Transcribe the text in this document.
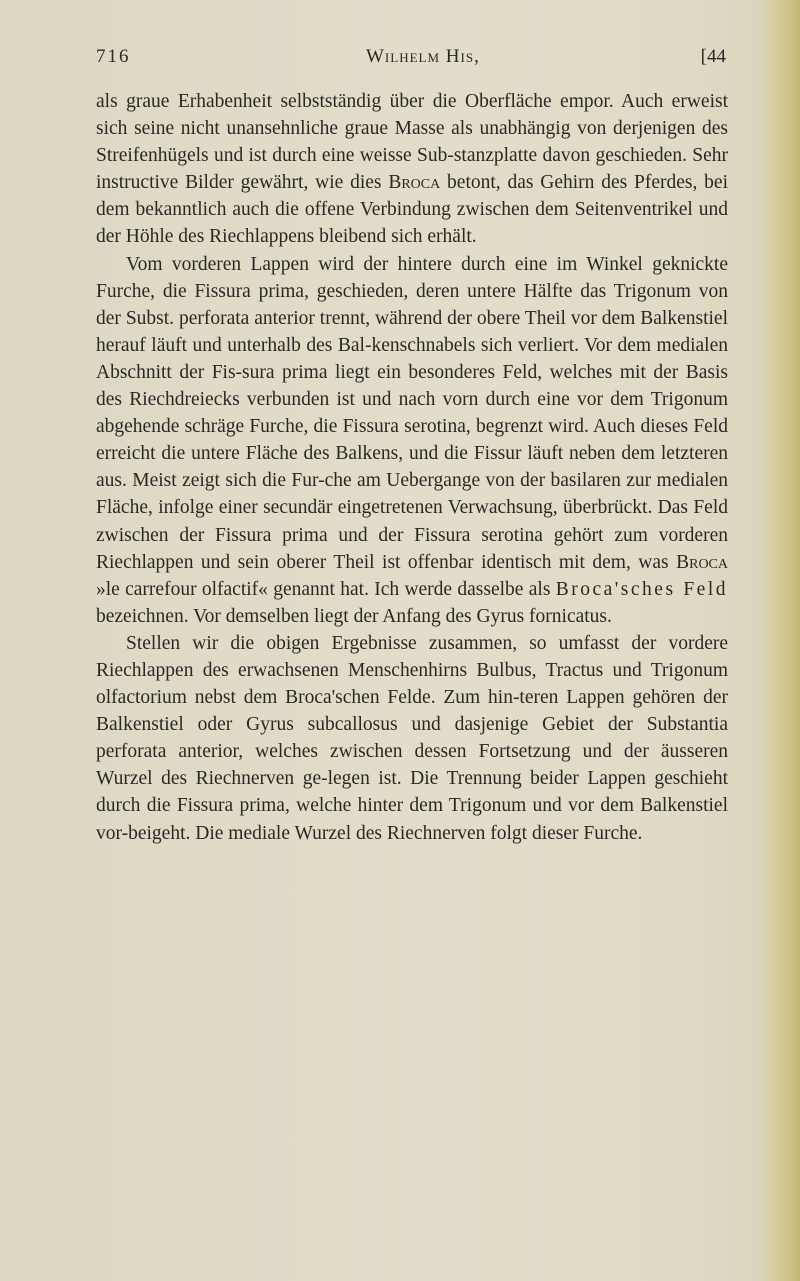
716	Wilhelm His,	[44

als graue Erhabenheit selbstständig über die Oberfläche empor. Auch erweist sich seine nicht unansehnliche graue Masse als unabhängig von derjenigen des Streifenhügels und ist durch eine weisse Sub-stanzplatte davon geschieden. Sehr instructive Bilder gewährt, wie dies Broca betont, das Gehirn des Pferdes, bei dem bekanntlich auch die offene Verbindung zwischen dem Seitenventrikel und der Höhle des Riechlappens bleibend sich erhält.

Vom vorderen Lappen wird der hintere durch eine im Winkel geknickte Furche, die Fissura prima, geschieden, deren untere Hälfte das Trigonum von der Subst. perforata anterior trennt, während der obere Theil vor dem Balkenstiel herauf läuft und unterhalb des Bal-kenschnabels sich verliert. Vor dem medialen Abschnitt der Fis-sura prima liegt ein besonderes Feld, welches mit der Basis des Riechdreiecks verbunden ist und nach vorn durch eine vor dem Trigonum abgehende schräge Furche, die Fissura serotina, begrenzt wird. Auch dieses Feld erreicht die untere Fläche des Balkens, und die Fissur läuft neben dem letzteren aus. Meist zeigt sich die Fur-che am Uebergange von der basilaren zur medialen Fläche, infolge einer secundär eingetretenen Verwachsung, überbrückt. Das Feld zwischen der Fissura prima und der Fissura serotina gehört zum vorderen Riechlappen und sein oberer Theil ist offenbar identisch mit dem, was Broca »le carrefour olfactif« genannt hat. Ich werde dasselbe als Broca'sches Feld bezeichnen. Vor demselben liegt der Anfang des Gyrus fornicatus.

Stellen wir die obigen Ergebnisse zusammen, so umfasst der vordere Riechlappen des erwachsenen Menschenhirns Bulbus, Tractus und Trigonum olfactorium nebst dem Broca'schen Felde. Zum hin-teren Lappen gehören der Balkenstiel oder Gyrus subcallosus und dasjenige Gebiet der Substantia perforata anterior, welches zwischen dessen Fortsetzung und der äusseren Wurzel des Riechnerven ge-legen ist. Die Trennung beider Lappen geschieht durch die Fissura prima, welche hinter dem Trigonum und vor dem Balkenstiel vor-beigeht. Die mediale Wurzel des Riechnerven folgt dieser Furche.
